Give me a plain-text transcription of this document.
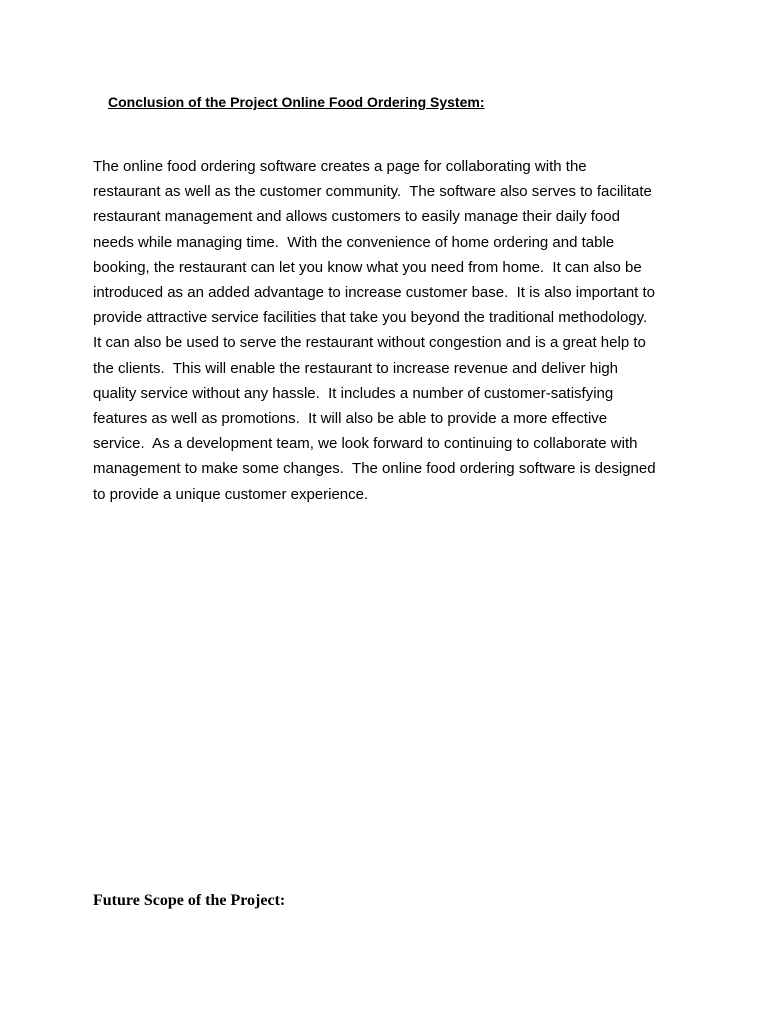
Conclusion of the Project Online Food Ordering System:

The online food ordering software creates a page for collaborating with the
restaurant as well as the customer community.  The software also serves to facilitate
restaurant management and allows customers to easily manage their daily food
needs while managing time.  With the convenience of home ordering and table
booking, the restaurant can let you know what you need from home.  It can also be
introduced as an added advantage to increase customer base.  It is also important to
provide attractive service facilities that take you beyond the traditional methodology.
It can also be used to serve the restaurant without congestion and is a great help to
the clients.  This will enable the restaurant to increase revenue and deliver high
quality service without any hassle.  It includes a number of customer-satisfying
features as well as promotions.  It will also be able to provide a more effective
service.  As a development team, we look forward to continuing to collaborate with
management to make some changes.  The online food ordering software is designed
to provide a unique customer experience.

Future Scope of the Project:
